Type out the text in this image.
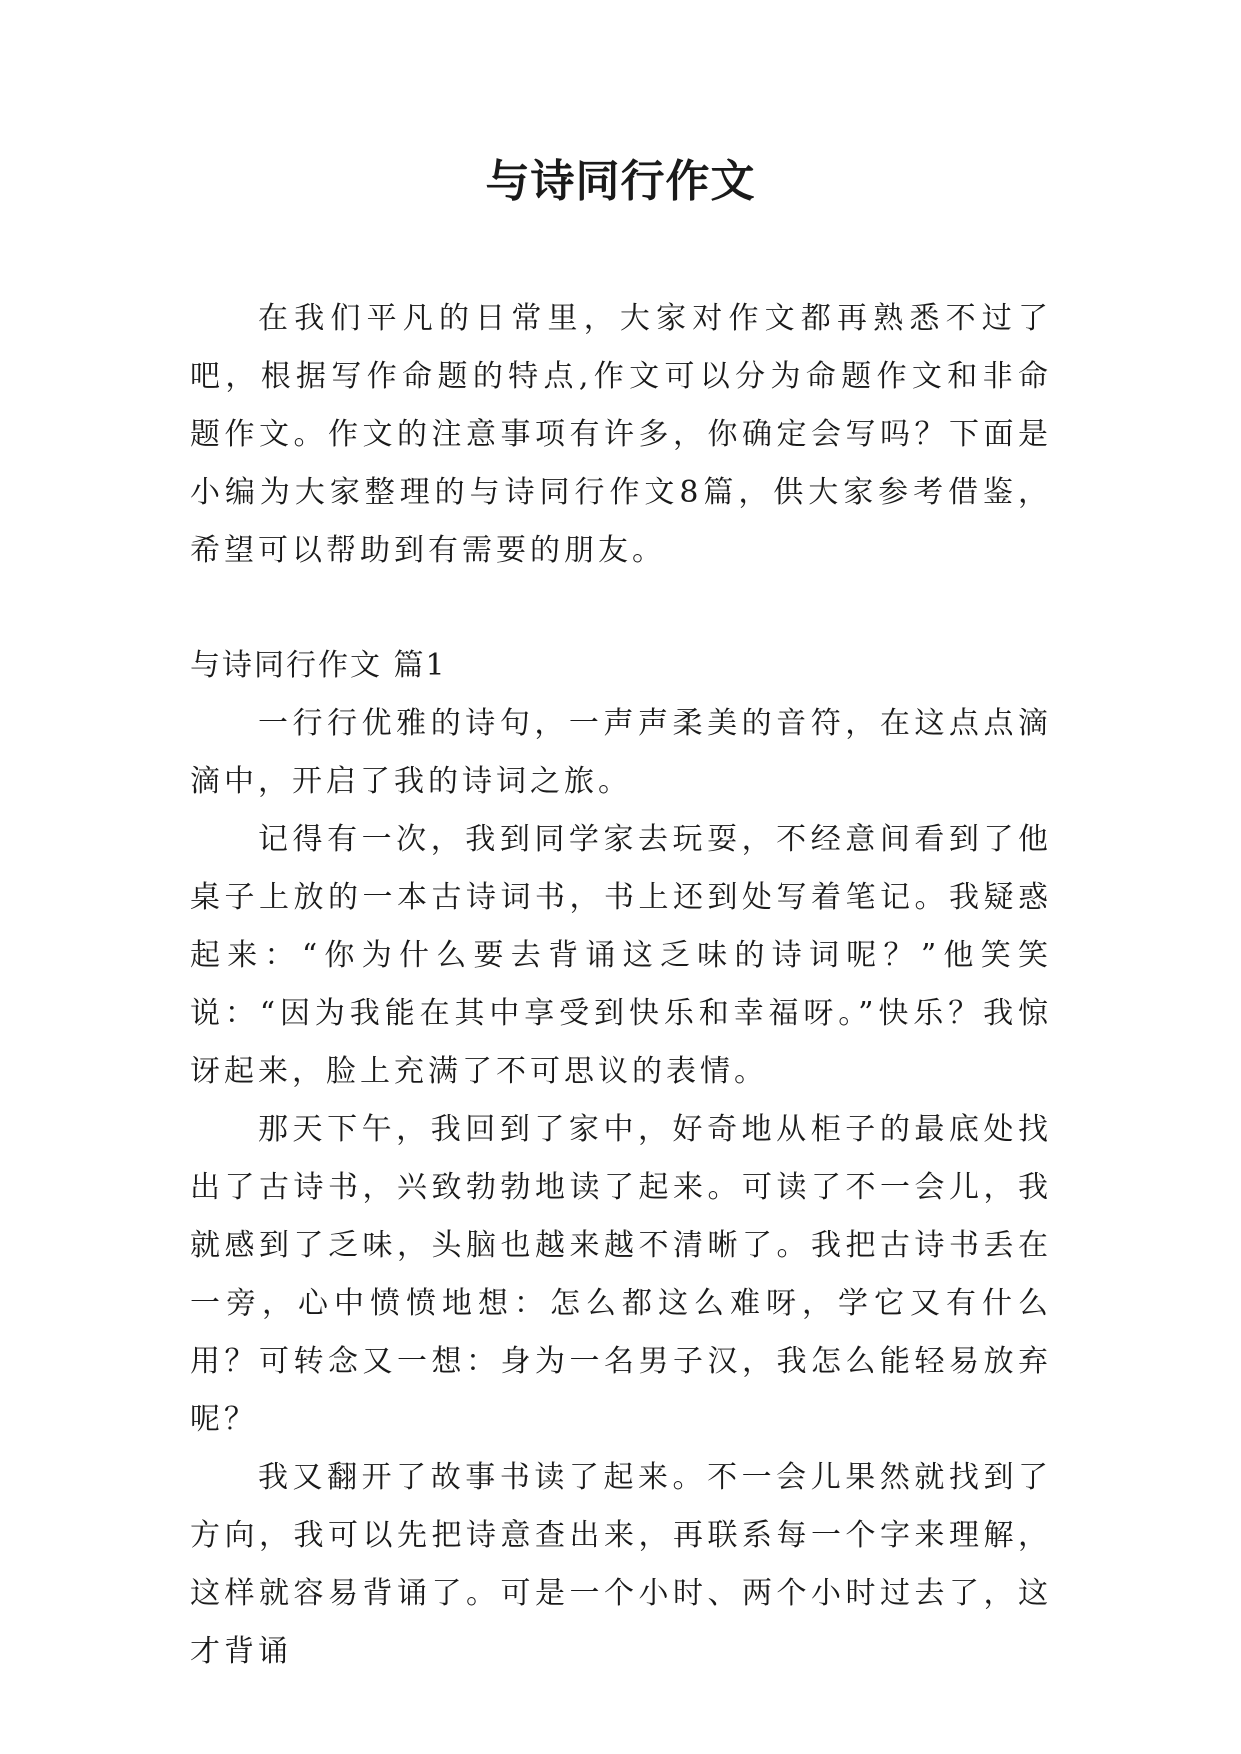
与诗同行作文

在我们平凡的日常里，大家对作文都再熟悉不过了吧，根据写作命题的特点,作文可以分为命题作文和非命题作文。作文的注意事项有许多，你确定会写吗？下面是小编为大家整理的与诗同行作文8篇，供大家参考借鉴，希望可以帮助到有需要的朋友。

与诗同行作文 篇1

一行行优雅的诗句，一声声柔美的音符，在这点点滴滴中，开启了我的诗词之旅。

记得有一次，我到同学家去玩耍，不经意间看到了他桌子上放的一本古诗词书，书上还到处写着笔记。我疑惑起来：“你为什么要去背诵这乏味的诗词呢？”他笑笑说：“因为我能在其中享受到快乐和幸福呀。”快乐？我惊讶起来，脸上充满了不可思议的表情。

那天下午，我回到了家中，好奇地从柜子的最底处找出了古诗书，兴致勃勃地读了起来。可读了不一会儿，我就感到了乏味，头脑也越来越不清晰了。我把古诗书丢在一旁，心中愤愤地想：怎么都这么难呀，学它又有什么用？可转念又一想：身为一名男子汉，我怎么能轻易放弃呢？

我又翻开了故事书读了起来。不一会儿果然就找到了方向，我可以先把诗意查出来，再联系每一个字来理解，这样就容易背诵了。可是一个小时、两个小时过去了，这才背诵
